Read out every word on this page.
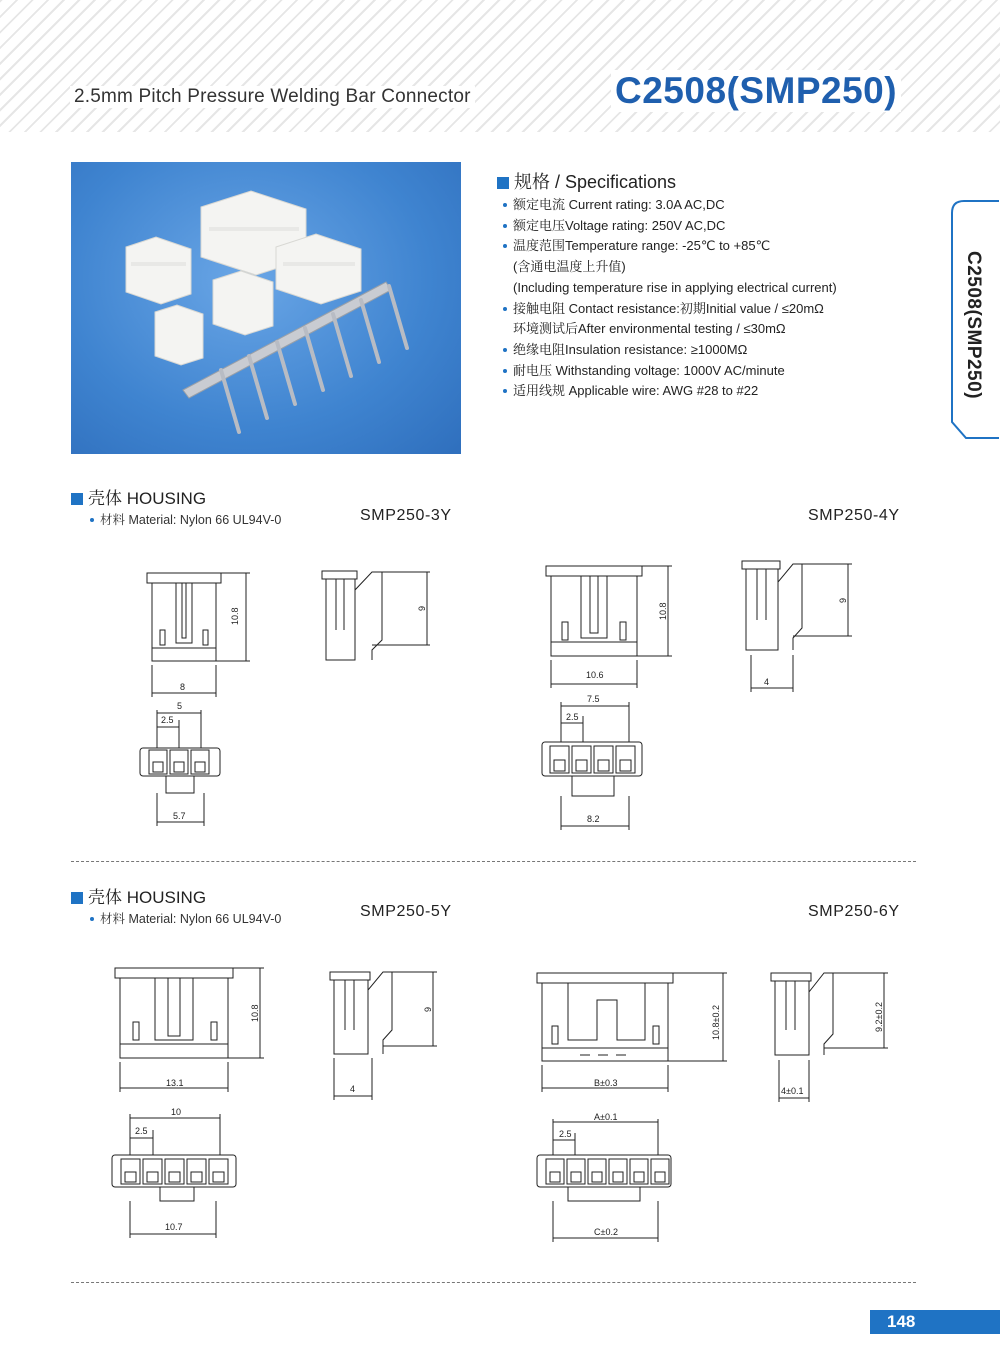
2.5mm Pitch Pressure Welding Bar Connector	C2508(SMP250)
规格 / Specifications
额定电流 Current rating: 3.0A AC,DC
额定电压Voltage rating: 250V AC,DC
温度范围Temperature range: -25℃ to +85℃
(含通电温度上升值)
(Including temperature rise in applying electrical current)
接触电阻 Contact resistance:初期Initial value / ≤20mΩ
环境测试后After environmental testing / ≤30mΩ
绝缘电阻Insulation resistance: ≥1000MΩ
耐电压 Withstanding voltage: 1000V AC/minute
适用线规 Applicable wire: AWG #28 to #22	C2508(SMP250)
壳体 HOUSING
材料 Material: Nylon 66 UL94V-0	SMP250-3Y	SMP250-4Y
壳体 HOUSING
材料 Material: Nylon 66 UL94V-0	SMP250-5Y	SMP250-6Y
10.8
8
9
5
2.5
5.7
10.8
10.6
9
4
7.5
2.5
8.2
10.8
13.1
9
4
10
2.5
10.7
10.8±0.2
B±0.3
9.2±0.2
4±0.1
A±0.1
2.5
C±0.2
148
